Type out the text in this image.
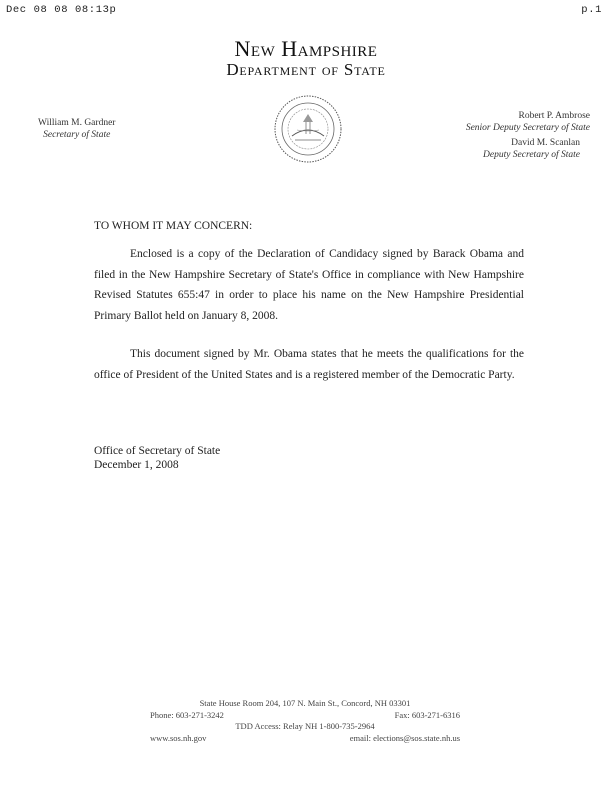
Dec 08 08 08:13p	p.1
New Hampshire
Department of State
William M. Gardner
Secretary of State
Robert P. Ambrose
Senior Deputy Secretary of State
David M. Scanlan
Deputy Secretary of State
TO WHOM IT MAY CONCERN:
Enclosed is a copy of the Declaration of Candidacy signed by Barack Obama and filed in the New Hampshire Secretary of State's Office in compliance with New Hampshire Revised Statutes 655:47 in order to place his name on the New Hampshire Presidential Primary Ballot held on January 8, 2008.
This document signed by Mr. Obama states that he meets the qualifications for the office of President of the United States and is a registered member of the Democratic Party.
Office of Secretary of State
December 1, 2008
State House Room 204, 107 N. Main St., Concord, NH 03301
Phone: 603-271-3242	Fax: 603-271-6316
TDD Access: Relay NH 1-800-735-2964
www.sos.nh.gov	email: elections@sos.state.nh.us
